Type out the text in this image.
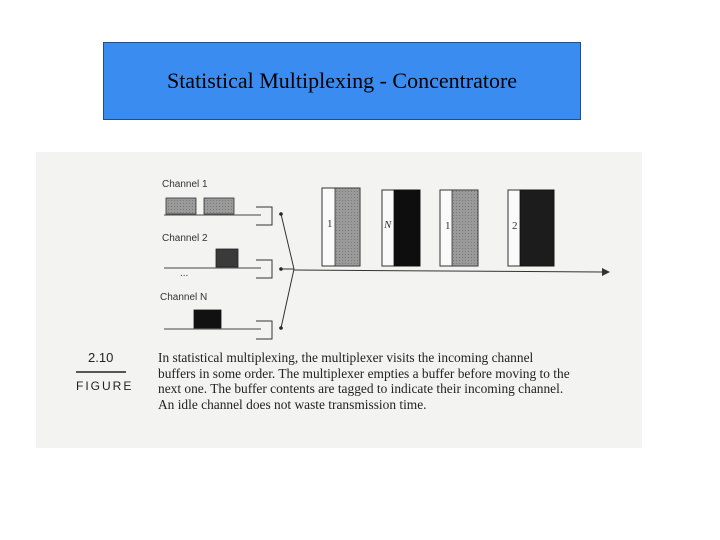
Statistical Multiplexing - Concentratore
Channel 1
Channel 2
Channel N
...
1	N	1	2
2.10
FIGURE
In statistical multiplexing, the multiplexer visits the incoming channel
buffers in some order. The multiplexer empties a buffer before moving to the
next one. The buffer contents are tagged to indicate their incoming channel.
An idle channel does not waste transmission time.
